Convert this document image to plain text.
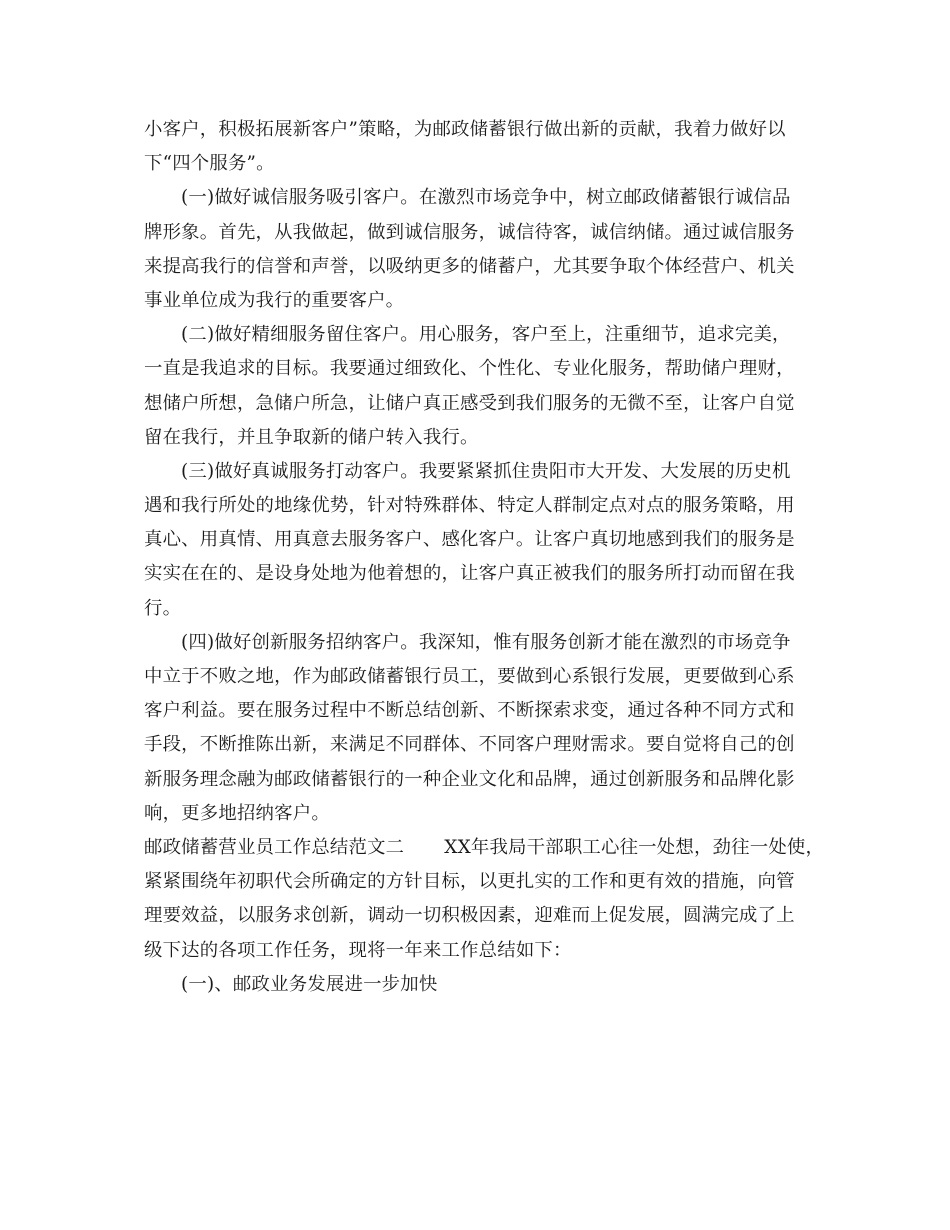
小客户，积极拓展新客户”策略，为邮政储蓄银行做出新的贡献，我着力做好以
下“四个服务”。
(一)做好诚信服务吸引客户。在激烈市场竞争中，树立邮政储蓄银行诚信品
牌形象。首先，从我做起，做到诚信服务，诚信待客，诚信纳储。通过诚信服务
来提高我行的信誉和声誉，以吸纳更多的储蓄户，尤其要争取个体经营户、机关
事业单位成为我行的重要客户。
(二)做好精细服务留住客户。用心服务，客户至上，注重细节，追求完美，
一直是我追求的目标。我要通过细致化、个性化、专业化服务，帮助储户理财，
想储户所想，急储户所急，让储户真正感受到我们服务的无微不至，让客户自觉
留在我行，并且争取新的储户转入我行。
(三)做好真诚服务打动客户。我要紧紧抓住贵阳市大开发、大发展的历史机
遇和我行所处的地缘优势，针对特殊群体、特定人群制定点对点的服务策略，用
真心、用真情、用真意去服务客户、感化客户。让客户真切地感到我们的服务是
实实在在的、是设身处地为他着想的，让客户真正被我们的服务所打动而留在我
行。
(四)做好创新服务招纳客户。我深知，惟有服务创新才能在激烈的市场竞争
中立于不败之地，作为邮政储蓄银行员工，要做到心系银行发展，更要做到心系
客户利益。要在服务过程中不断总结创新、不断探索求变，通过各种不同方式和
手段，不断推陈出新，来满足不同群体、不同客户理财需求。要自觉将自己的创
新服务理念融为邮政储蓄银行的一种企业文化和品牌，通过创新服务和品牌化影
响，更多地招纳客户。
邮政储蓄营业员工作总结范文二 XX年我局干部职工心往一处想，劲往一处使，
紧紧围绕年初职代会所确定的方针目标，以更扎实的工作和更有效的措施，向管
理要效益，以服务求创新，调动一切积极因素，迎难而上促发展，圆满完成了上
级下达的各项工作任务，现将一年来工作总结如下：
(一)、邮政业务发展进一步加快
